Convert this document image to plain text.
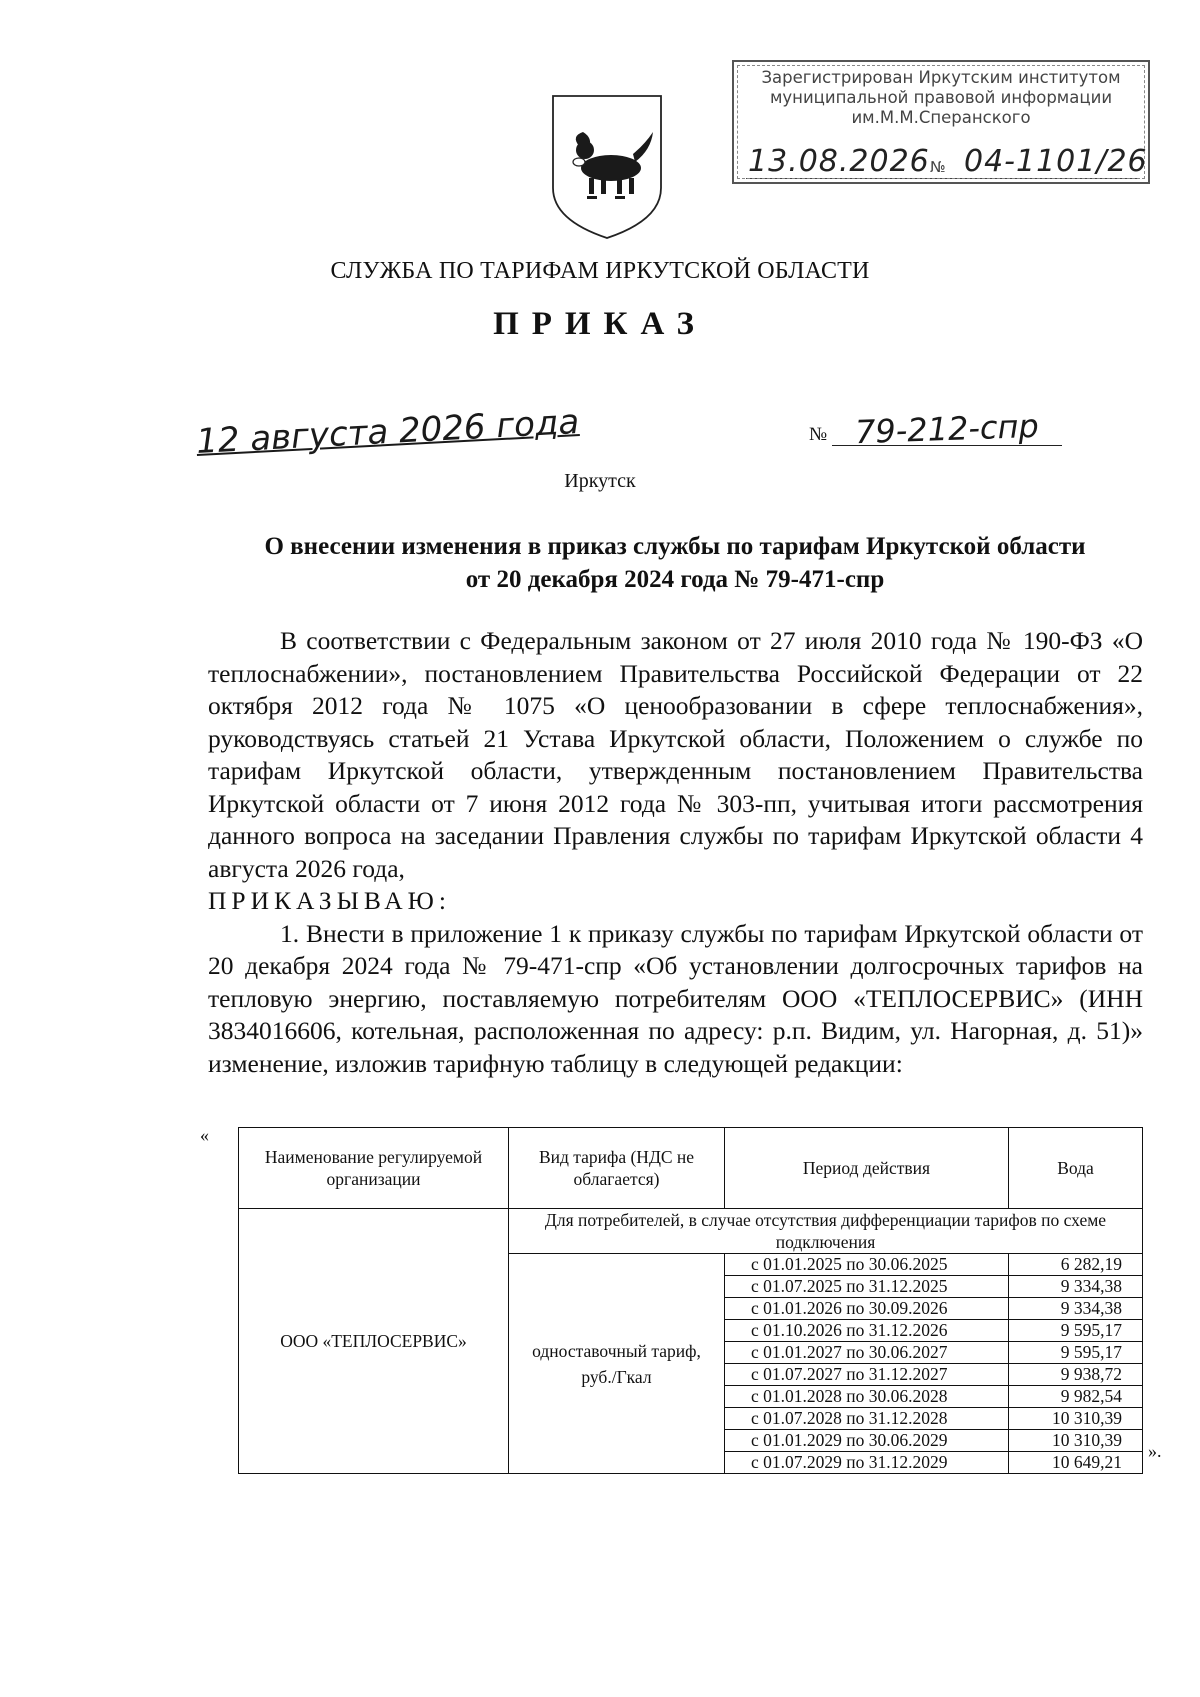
Зарегистрирован Иркутским институтом
муниципальной правовой информации
им.М.М.Сперанского
13.08.2026 № 04-1101/26
СЛУЖБА ПО ТАРИФАМ ИРКУТСКОЙ ОБЛАСТИ
ПРИКАЗ
12 августа 2026 года	№ 79-212-спр
Иркутск
О внесении изменения в приказ службы по тарифам Иркутской области
от 20 декабря 2024 года № 79-471-спр

В соответствии с Федеральным законом от 27 июля 2010 года № 190-ФЗ «О теплоснабжении», постановлением Правительства Российской Федерации от 22 октября 2012 года № 1075 «О ценообразовании в сфере теплоснабжения», руководствуясь статьей 21 Устава Иркутской области, Положением о службе по тарифам Иркутской области, утвержденным постановлением Правительства Иркутской области от 7 июня 2012 года № 303-пп, учитывая итоги рассмотрения данного вопроса на заседании Правления службы по тарифам Иркутской области 4 августа 2026 года,

ПРИКАЗЫВАЮ:

1. Внести в приложение 1 к приказу службы по тарифам Иркутской области от 20 декабря 2024 года № 79-471-спр «Об установлении долгосрочных тарифов на тепловую энергию, поставляемую потребителям ООО «ТЕПЛОСЕРВИС» (ИНН 3834016606, котельная, расположенная по адресу: р.п. Видим, ул. Нагорная, д. 51)» изменение, изложив тарифную таблицу в следующей редакции:

«
Наименование регулируемой организации	Вид тарифа (НДС не облагается)	Период действия	Вода
ООО «ТЕПЛОСЕРВИС»	Для потребителей, в случае отсутствия дифференциации тарифов по схеме подключения		
	одноставочный тариф, руб./Гкал	с 01.01.2025 по 30.06.2025	6 282,19
		с 01.07.2025 по 31.12.2025	9 334,38
		с 01.01.2026 по 30.09.2026	9 334,38
		с 01.10.2026 по 31.12.2026	9 595,17
		с 01.01.2027 по 30.06.2027	9 595,17
		с 01.07.2027 по 31.12.2027	9 938,72
		с 01.01.2028 по 30.06.2028	9 982,54
		с 01.07.2028 по 31.12.2028	10 310,39
		с 01.01.2029 по 30.06.2029	10 310,39
		с 01.07.2029 по 31.12.2029	10 649,21
».
